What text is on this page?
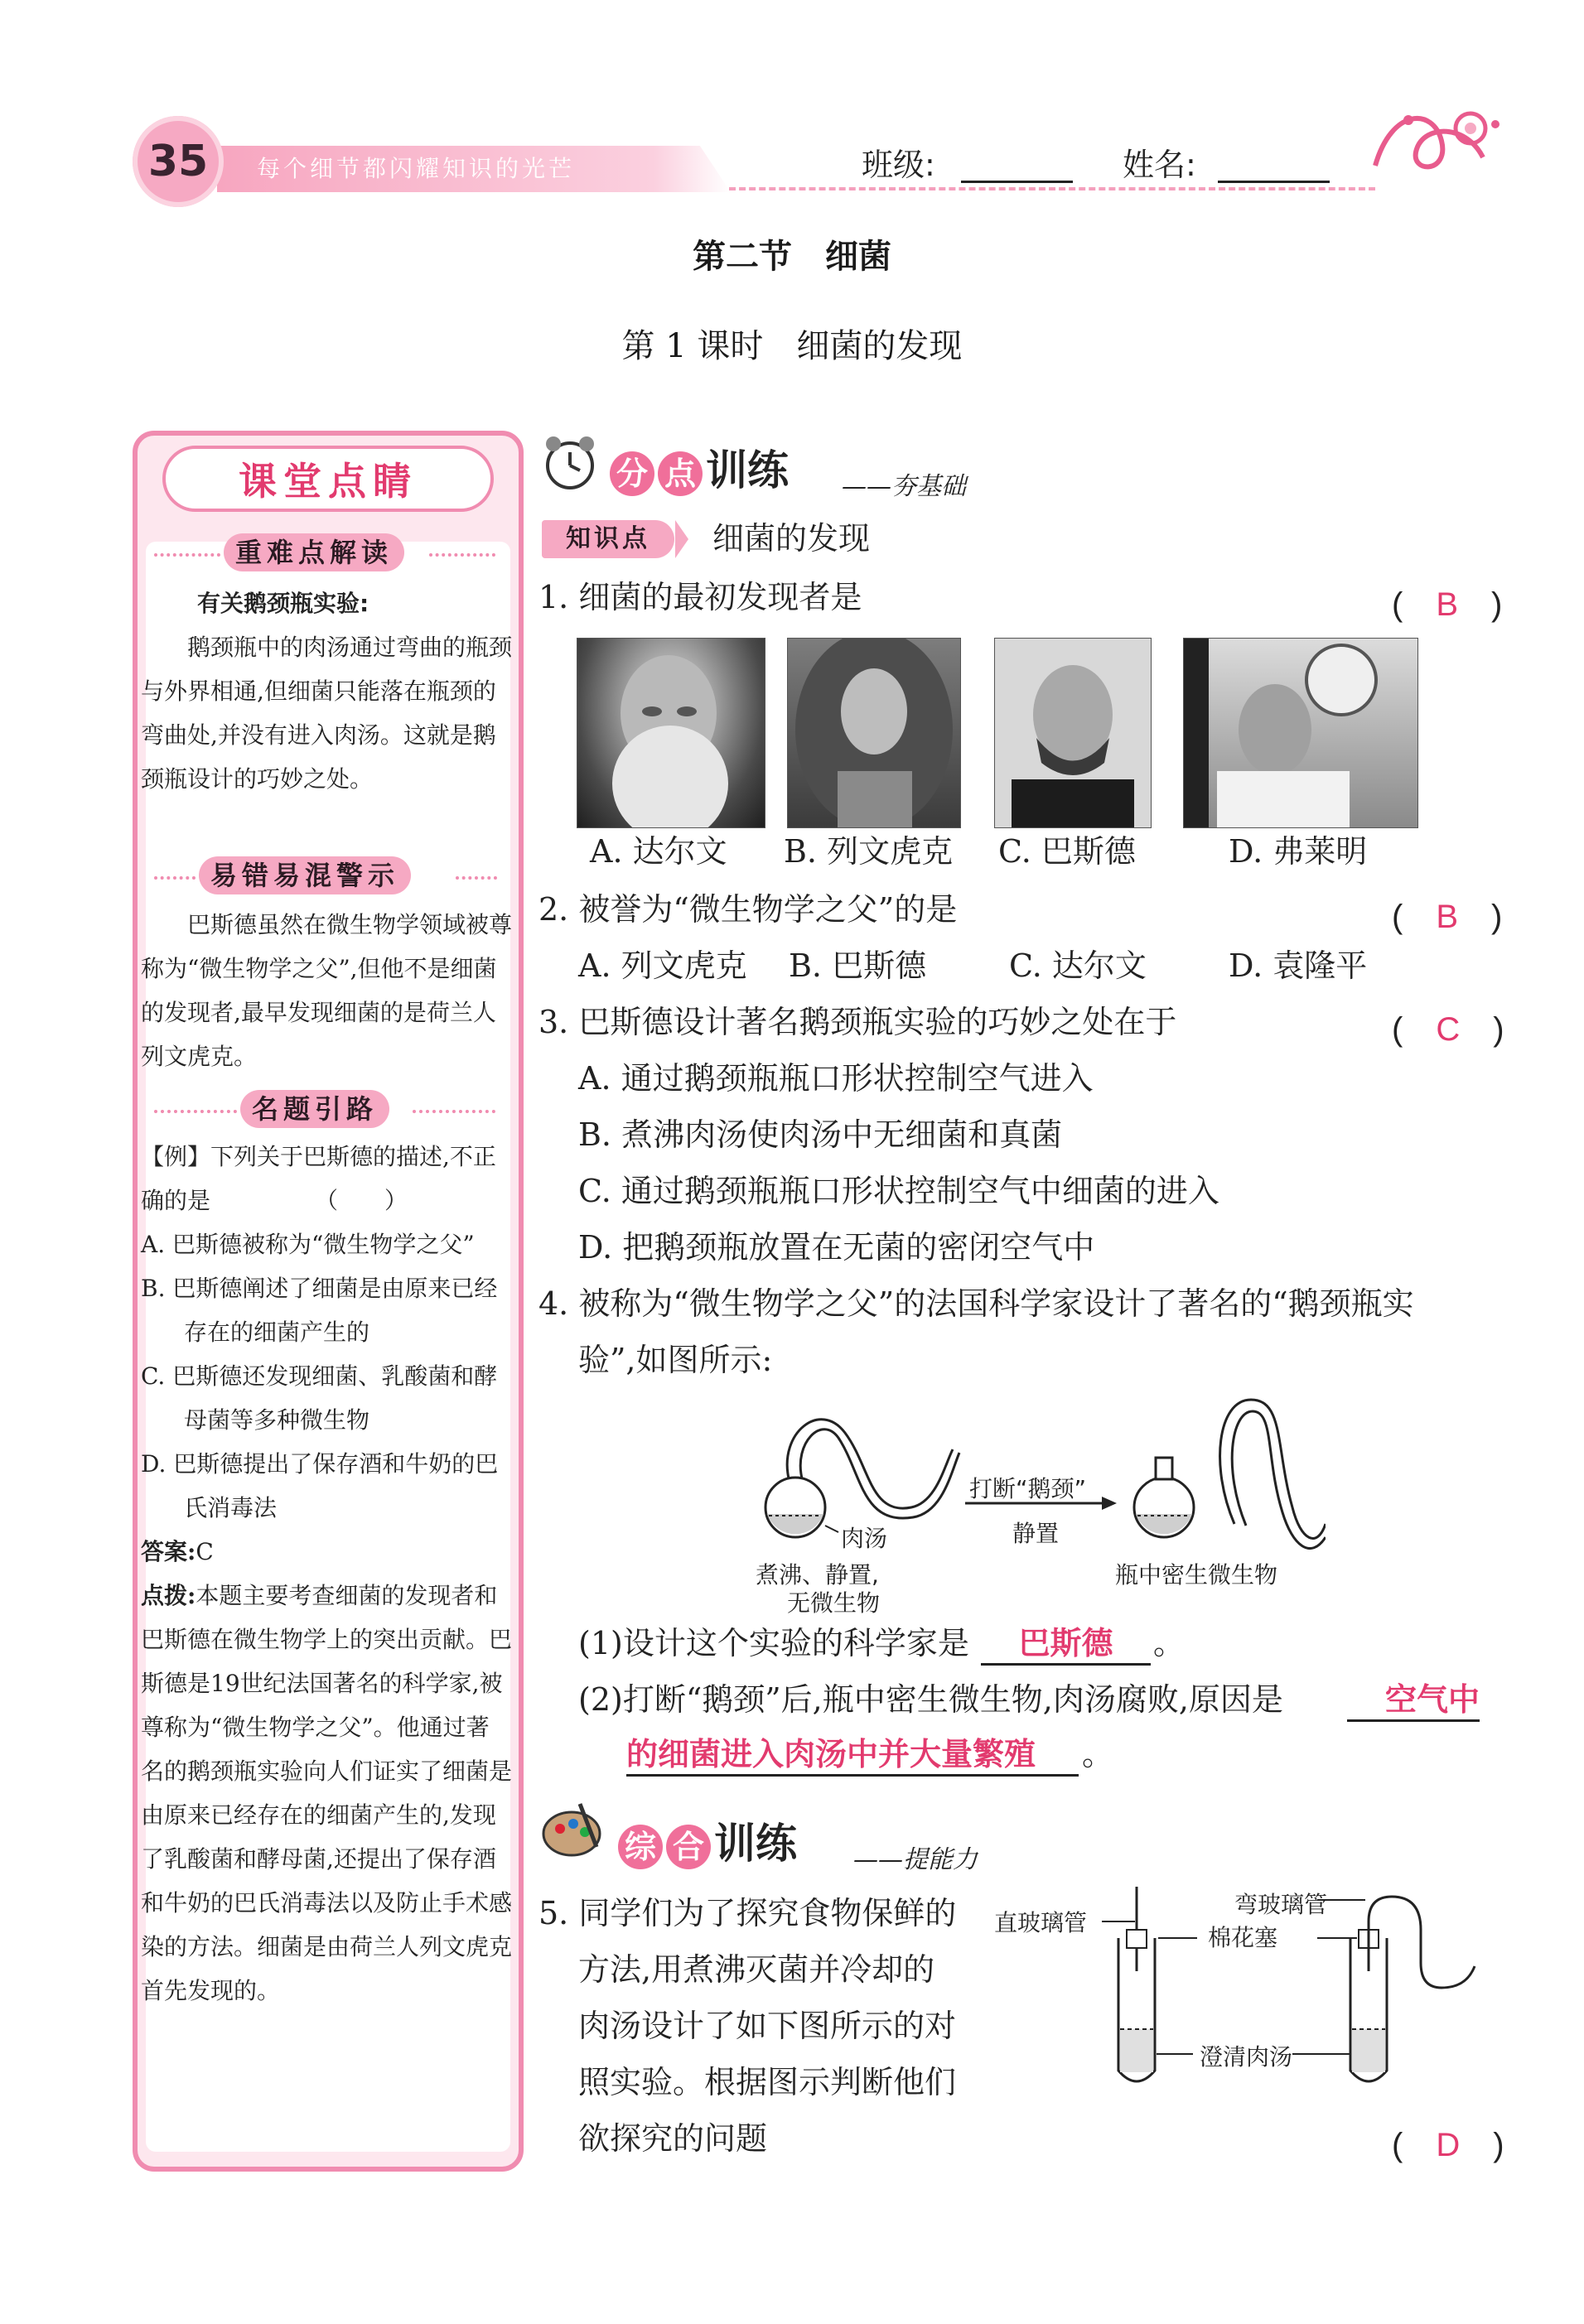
35	每个细节都闪耀知识的光芒	班级:	姓名:
第二节　细菌
第 1 课时　细菌的发现
课堂点睛
重难点解读

有关鹅颈瓶实验:

鹅颈瓶中的肉汤通过弯曲的瓶颈与外界相通,但细菌只能落在瓶颈的弯曲处,并没有进入肉汤。这就是鹅颈瓶设计的巧妙之处。

易错易混警示

巴斯德虽然在微生物学领域被尊称为“微生物学之父”,但他不是细菌的发现者,最早发现细菌的是荷兰人列文虎克。

名题引路

【例】下列关于巴斯德的描述,不正确的是　　　　　（　　）

A. 巴斯德被称为“微生物学之父”

B. 巴斯德阐述了细菌是由原来已经存在的细菌产生的

C. 巴斯德还发现细菌、乳酸菌和酵母菌等多种微生物

D. 巴斯德提出了保存酒和牛奶的巴氏消毒法

答案:C

点拨:本题主要考查细菌的发现者和巴斯德在微生物学上的突出贡献。巴斯德是19世纪法国著名的科学家,被尊称为“微生物学之父”。他通过著名的鹅颈瓶实验向人们证实了细菌是由原来已经存在的细菌产生的,发现了乳酸菌和酵母菌,还提出了保存酒和牛奶的巴氏消毒法以及防止手术感染的方法。细菌是由荷兰人列文虎克首先发现的。

分 点 训练 ——夯基础
知识点	细菌的发现
1. 细菌的最初发现者是	(　B　)
A. 达尔文 B. 列文虎克 C. 巴斯德	D. 弗莱明
2. 被誉为“微生物学之父”的是	(　B　)
A. 列文虎克 B. 巴斯德	C. 达尔文	D. 袁隆平
3. 巴斯德设计著名鹅颈瓶实验的巧妙之处在于	(　C　)
A. 通过鹅颈瓶瓶口形状控制空气进入
B. 煮沸肉汤使肉汤中无细菌和真菌
C. 通过鹅颈瓶瓶口形状控制空气中细菌的进入
D. 把鹅颈瓶放置在无菌的密闭空气中
4. 被称为“微生物学之父”的法国科学家设计了著名的“鹅颈瓶实
验”,如图所示:
肉汤
煮沸、静置,
无微生物
打断“鹅颈”
静置
瓶中密生微生物
(1)设计这个实验的科学家是	巴斯德	。
(2)打断“鹅颈”后,瓶中密生微生物,肉汤腐败,原因是	空气中
的细菌进入肉汤中并大量繁殖	。
综 合 训练 ——提能力
5. 同学们为了探究食物保鲜的
方法,用煮沸灭菌并冷却的
肉汤设计了如下图所示的对
照实验。根据图示判断他们
欲探究的问题	(　D　)
直玻璃管
弯玻璃管
棉花塞
澄清肉汤
